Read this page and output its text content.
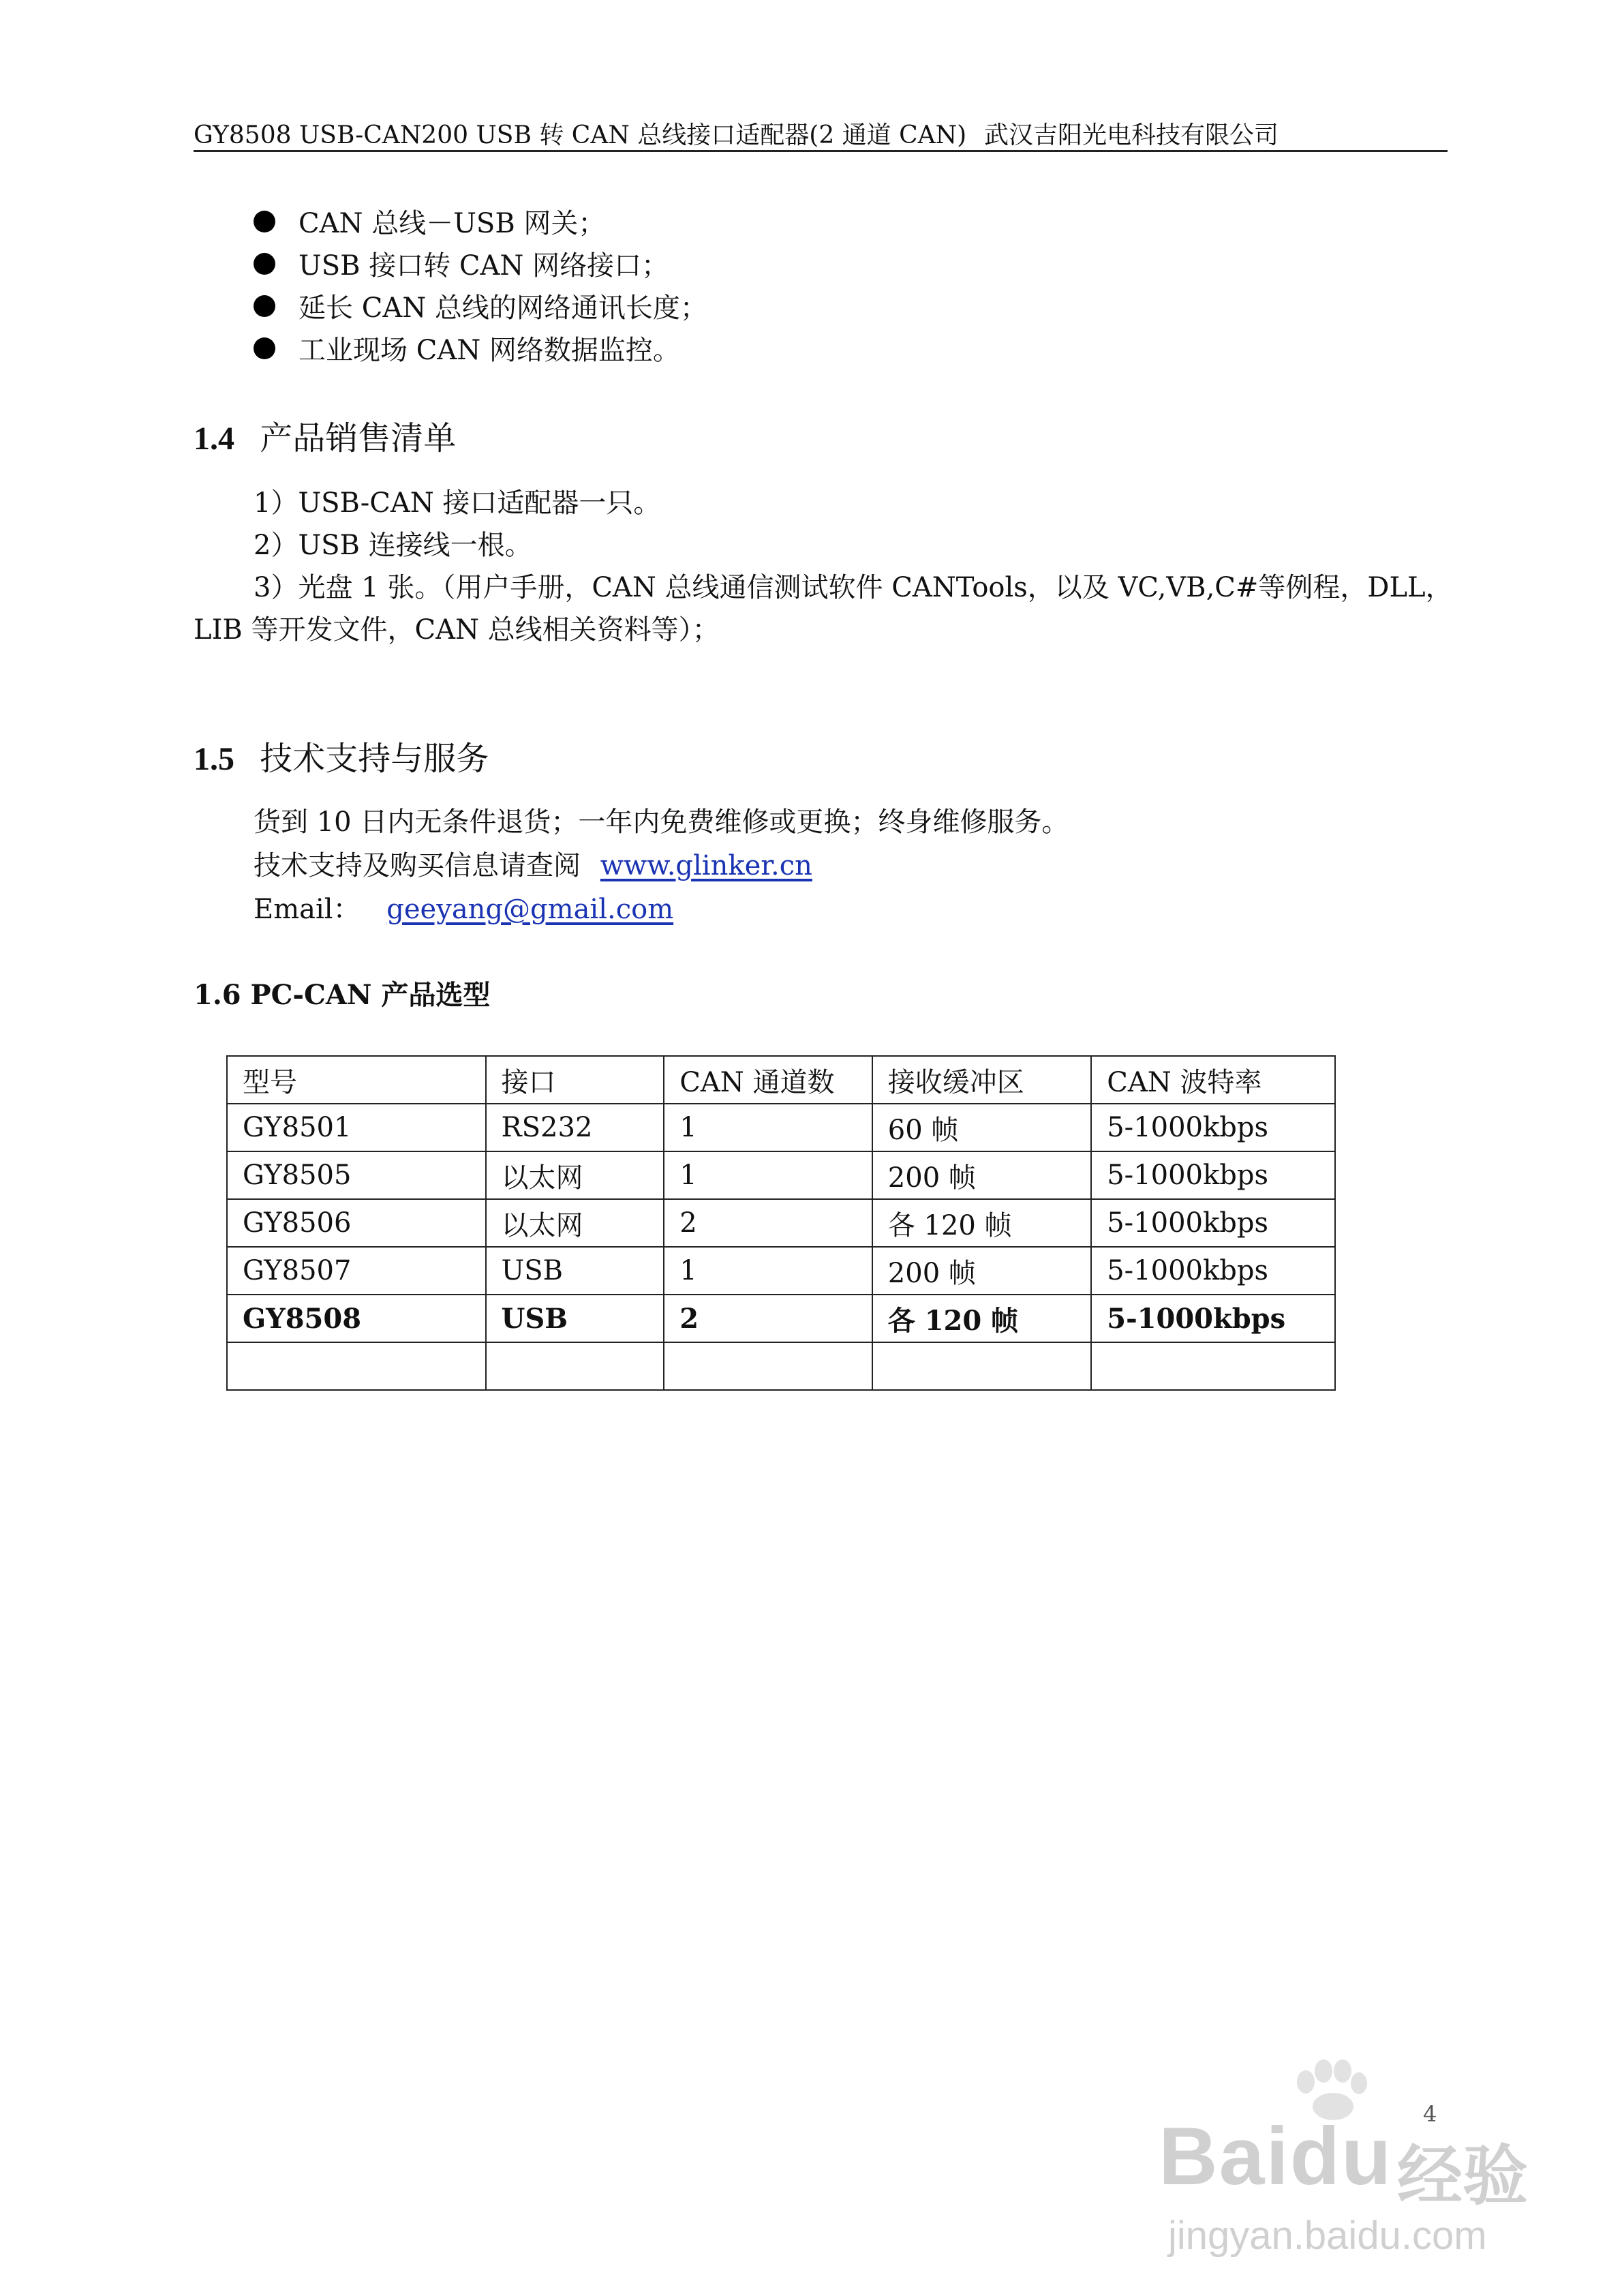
GY8508 USB-CAN200 USB 转 CAN 总线接口适配器(2 通道 CAN) 武汉吉阳光电科技有限公司
CAN 总线－USB 网关；
USB 接口转 CAN 网络接口；
延长 CAN 总线的网络通讯长度；
工业现场 CAN 网络数据监控。
1.4 产品销售清单
1）USB-CAN 接口适配器一只。
2）USB 连接线一根。
3）光盘 1 张。（用户手册，CAN 总线通信测试软件 CANTools，以及 VC,VB,C#等例程，DLL，
LIB 等开发文件，CAN 总线相关资料等）；
1.5 技术支持与服务
货到 10 日内无条件退货；一年内免费维修或更换；终身维修服务。
技术支持及购买信息请查阅 www.glinker.cn
Email： geeyang@gmail.com
1.6 PC-CAN 产品选型
型号	接口	CAN 通道数	接收缓冲区	CAN 波特率
GY8501	RS232	1	60 帧	5-1000kbps
GY8505	以太网	1	200 帧	5-1000kbps
GY8506	以太网	2	各 120 帧	5-1000kbps
GY8507	USB	1	200 帧	5-1000kbps
GY8508	USB	2	各 120 帧	5-1000kbps

4
Baidu 经验
jingyan.baidu.com
